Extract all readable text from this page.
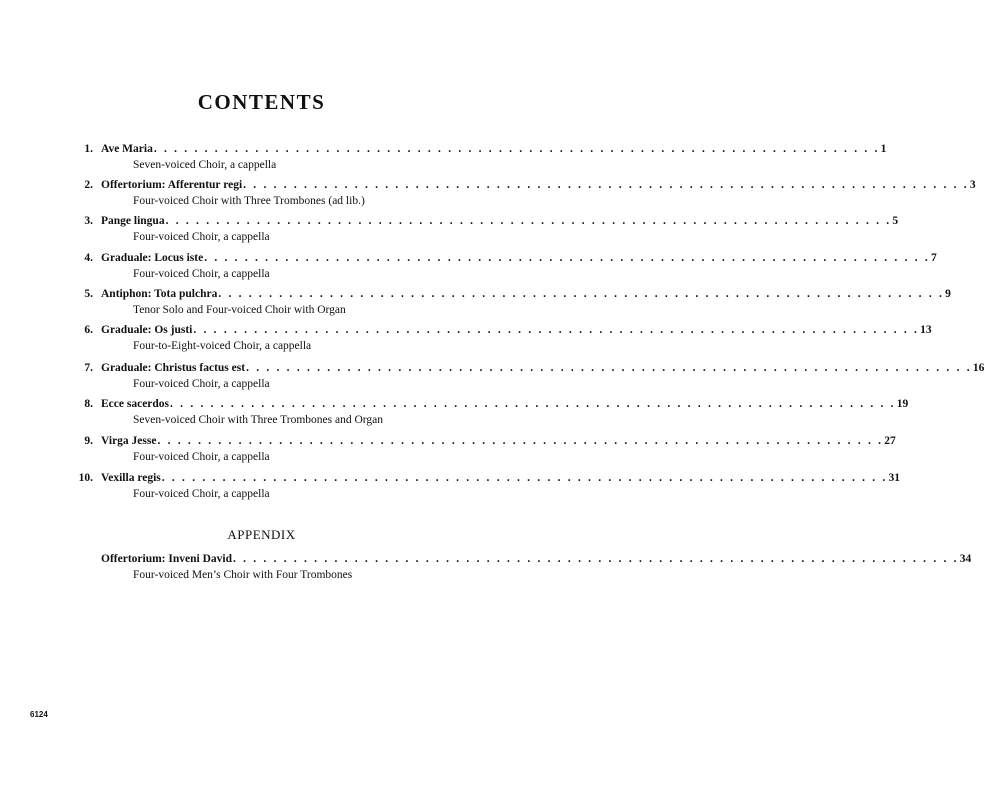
CONTENTS
1. Ave Maria . . . . . . . . . . . . . . . . . . . . . . . . . . . . . . . . . . . . . . . . . . . . . . . . . . . . . . . . . . . . . . . . . . . . . . . . 1
Seven-voiced Choir, a cappella
2. Offertorium: Afferentur regi . . . . . . . . . . . . . . . . . . . . . . . . . . . . . . . . . . . . . . . . . . . . . . . . . . . . . . . . . . . . . . . . . . . . . . . . 3
Four-voiced Choir with Three Trombones (ad lib.)
3. Pange lingua . . . . . . . . . . . . . . . . . . . . . . . . . . . . . . . . . . . . . . . . . . . . . . . . . . . . . . . . . . . . . . . . . . . . . . . . 5
Four-voiced Choir, a cappella
4. Graduale: Locus iste . . . . . . . . . . . . . . . . . . . . . . . . . . . . . . . . . . . . . . . . . . . . . . . . . . . . . . . . . . . . . . . . . . . . . . . . 7
Four-voiced Choir, a cappella
5. Antiphon: Tota pulchra . . . . . . . . . . . . . . . . . . . . . . . . . . . . . . . . . . . . . . . . . . . . . . . . . . . . . . . . . . . . . . . . . . . . . . . . 9
Tenor Solo and Four-voiced Choir with Organ
6. Graduale: Os justi . . . . . . . . . . . . . . . . . . . . . . . . . . . . . . . . . . . . . . . . . . . . . . . . . . . . . . . . . . . . . . . . . . . . . . . . 13
Four-to-Eight-voiced Choir, a cappella
7. Graduale: Christus factus est . . . . . . . . . . . . . . . . . . . . . . . . . . . . . . . . . . . . . . . . . . . . . . . . . . . . . . . . . . . . . . . . . . . . . . . . 16
Four-voiced Choir, a cappella
8. Ecce sacerdos . . . . . . . . . . . . . . . . . . . . . . . . . . . . . . . . . . . . . . . . . . . . . . . . . . . . . . . . . . . . . . . . . . . . . . . . 19
Seven-voiced Choir with Three Trombones and Organ
9. Virga Jesse . . . . . . . . . . . . . . . . . . . . . . . . . . . . . . . . . . . . . . . . . . . . . . . . . . . . . . . . . . . . . . . . . . . . . . . . 27
Four-voiced Choir, a cappella
10. Vexilla regis . . . . . . . . . . . . . . . . . . . . . . . . . . . . . . . . . . . . . . . . . . . . . . . . . . . . . . . . . . . . . . . . . . . . . . . . 31
Four-voiced Choir, a cappella
APPENDIX
Offertorium: Inveni David . . . . . . . . . . . . . . . . . . . . . . . . . . . . . . . . . . . . . . . . . . . . . . . . . . . . . . . . . . . . . . . . . . . . . . . . 34
Four-voiced Men’s Choir with Four Trombones
6124
